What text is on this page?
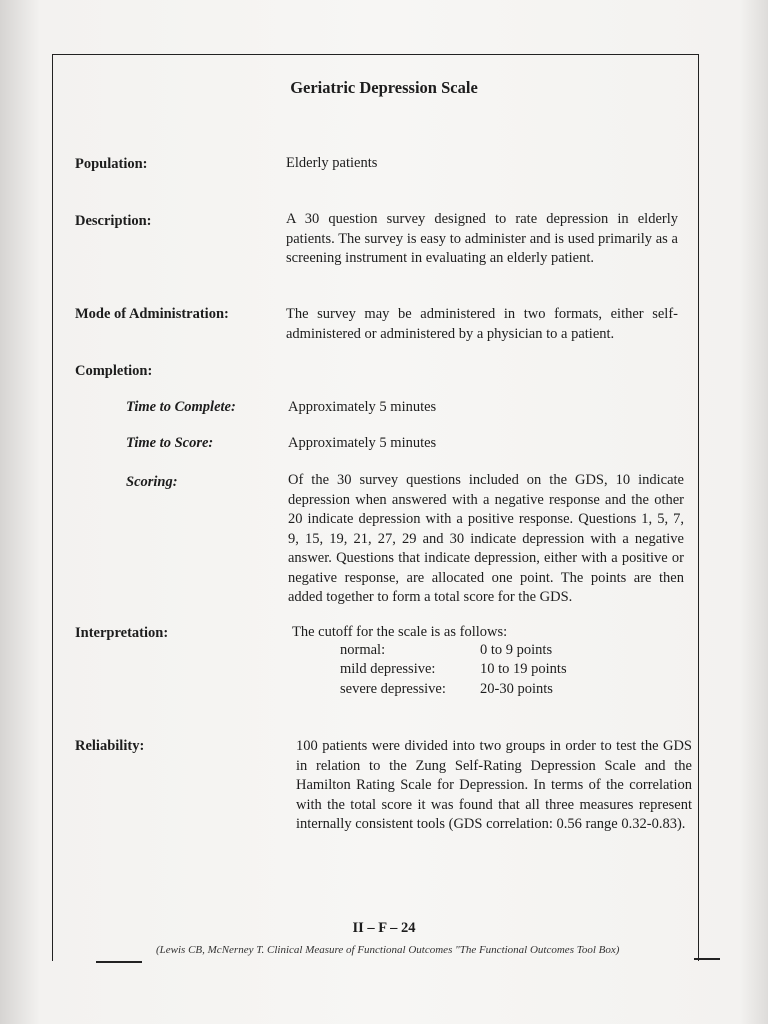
Geriatric Depression Scale
Population:	Elderly patients
Description:	A 30 question survey designed to rate depression in elderly patients. The survey is easy to administer and is used primarily as a screening instrument in evaluating an elderly patient.
Mode of Administration:	The survey may be administered in two formats, either self-administered or administered by a physician to a patient.
Completion:
Time to Complete:	Approximately 5 minutes
Time to Score:	Approximately 5 minutes
Scoring:	Of the 30 survey questions included on the GDS, 10 indicate depression when answered with a negative response and the other 20 indicate depression with a positive response. Questions 1, 5, 7, 9, 15, 19, 21, 27, 29 and 30 indicate depression with a negative answer. Questions that indicate depression, either with a positive or negative response, are allocated one point. The points are then added together to form a total score for the GDS.
Interpretation:	The cutoff for the scale is as follows:
normal:	0 to 9 points
mild depressive:	10 to 19 points
severe depressive: 20-30 points
Reliability:	100 patients were divided into two groups in order to test the GDS in relation to the Zung Self-Rating Depression Scale and the Hamilton Rating Scale for Depression. In terms of the correlation with the total score it was found that all three measures represent internally consistent tools (GDS correlation: 0.56 range 0.32-0.83).
II – F – 24
(Lewis CB, McNerney T. Clinical Measure of Functional Outcomes "The Functional Outcomes Tool Box)
